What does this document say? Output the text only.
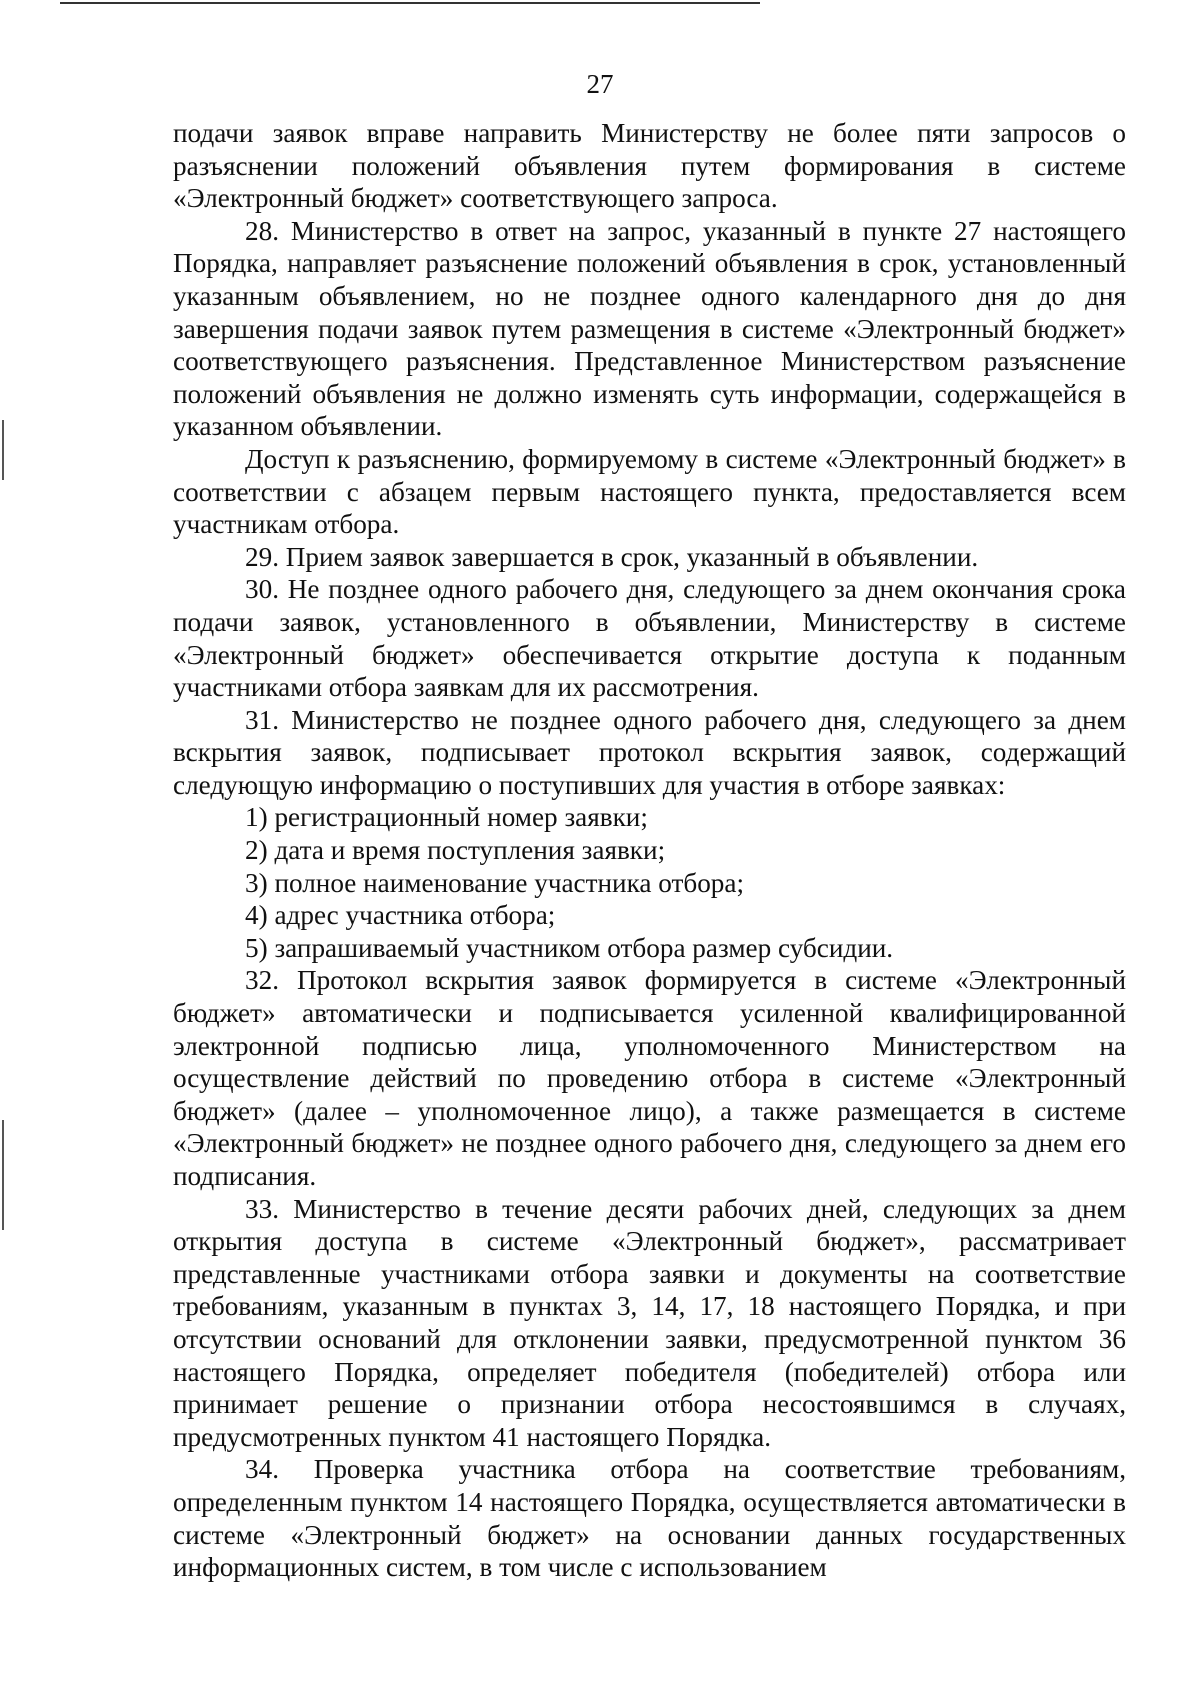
27

подачи заявок вправе направить Министерству не более пяти запросов о разъяснении положений объявления путем формирования в системе «Электронный бюджет» соответствующего запроса.

28. Министерство в ответ на запрос, указанный в пункте 27 настоящего Порядка, направляет разъяснение положений объявления в срок, установленный указанным объявлением, но не позднее одного календарного дня до дня завершения подачи заявок путем размещения в системе «Электронный бюджет» соответствующего разъяснения. Представленное Министерством разъяснение положений объявления не должно изменять суть информации, содержащейся в указанном объявлении.

Доступ к разъяснению, формируемому в системе «Электронный бюджет» в соответствии с абзацем первым настоящего пункта, предоставляется всем участникам отбора.

29. Прием заявок завершается в срок, указанный в объявлении.

30. Не позднее одного рабочего дня, следующего за днем окончания срока подачи заявок, установленного в объявлении, Министерству в системе «Электронный бюджет» обеспечивается открытие доступа к поданным участниками отбора заявкам для их рассмотрения.

31. Министерство не позднее одного рабочего дня, следующего за днем вскрытия заявок, подписывает протокол вскрытия заявок, содержащий следующую информацию о поступивших для участия в отборе заявках:

1) регистрационный номер заявки;

2) дата и время поступления заявки;

3) полное наименование участника отбора;

4) адрес участника отбора;

5) запрашиваемый участником отбора размер субсидии.

32. Протокол вскрытия заявок формируется в системе «Электронный бюджет» автоматически и подписывается усиленной квалифицированной электронной подписью лица, уполномоченного Министерством на осуществление действий по проведению отбора в системе «Электронный бюджет» (далее – уполномоченное лицо), а также размещается в системе «Электронный бюджет» не позднее одного рабочего дня, следующего за днем его подписания.

33. Министерство в течение десяти рабочих дней, следующих за днем открытия доступа в системе «Электронный бюджет», рассматривает представленные участниками отбора заявки и документы на соответствие требованиям, указанным в пунктах 3, 14, 17, 18 настоящего Порядка, и при отсутствии оснований для отклонении заявки, предусмотренной пунктом 36 настоящего Порядка, определяет победителя (победителей) отбора или принимает решение о признании отбора несостоявшимся в случаях, предусмотренных пунктом 41 настоящего Порядка.

34. Проверка участника отбора на соответствие требованиям, определенным пунктом 14 настоящего Порядка, осуществляется автоматически в системе «Электронный бюджет» на основании данных государственных информационных систем, в том числе с использованием
